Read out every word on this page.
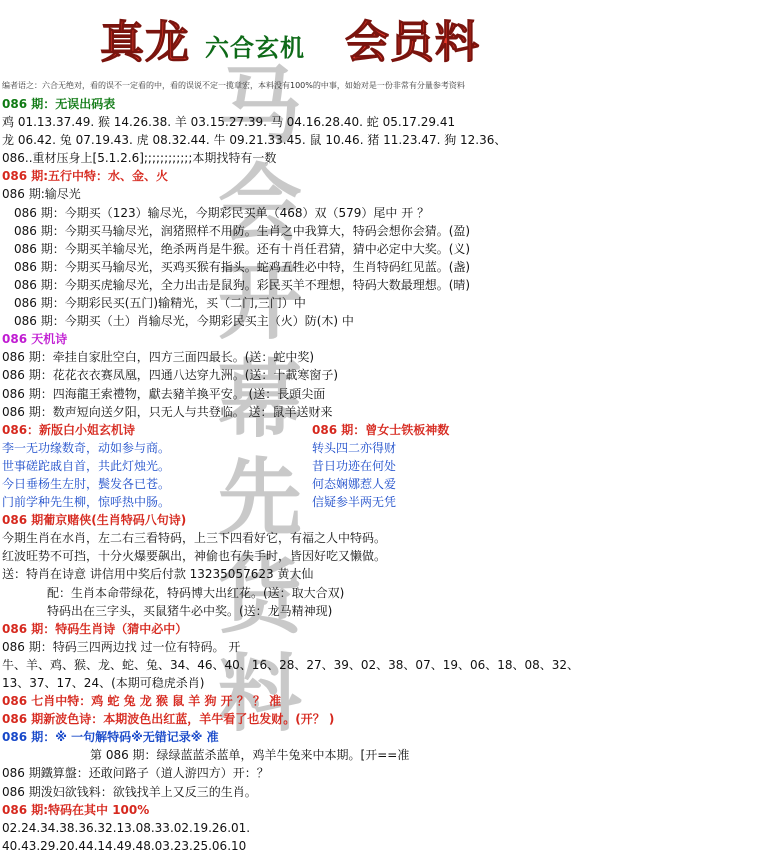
真龙 六合玄机 会员料
马
会
开
幕
先
货
料
编者语之：六合无绝对，看的误不一定看的中，看的误说不定一揽章宏，本料没有100%的中事，如始对是一份非常有分量参考资料
086 期：无误出码表
鸡 01.13.37.49. 猴 14.26.38. 羊 03.15.27.39. 马 04.16.28.40. 蛇 05.17.29.41
龙 06.42. 兔 07.19.43. 虎 08.32.44. 牛 09.21.33.45. 鼠 10.46. 猪 11.23.47. 狗 12.36、
086..重材压身上[5.1.2.6];;;;;;;;;;;;本期找特有一数
086 期:五行中特：水、金、火
086 期:输尽光
086 期：今期买（123）输尽光，今期彩民买单（468）双（579）尾中 开 ？
086 期：今期买马输尽光，润猪照样不用防。生肖之中我算大，特码会想你会猜。(盈)
086 期：今期买羊输尽光，绝杀两肖是牛猴。还有十肖任君猜，猜中必定中大奖。(义)
086 期：今期买马输尽光，买鸡买猴有指头。蛇鸡五牲必中特，生肖特码红见蓝。(盏)
086 期：今期买虎输尽光，全力出击是鼠狗。彩民买羊不理想，特码大数最理想。(晴)
086 期：今期彩民买(五门)输精光，买（二门,三门）中
086 期：今期买（土）肖输尽光，今期彩民买主（火）防(木) 中
086 天机诗
086 期：牵挂自家肚空白，四方三面四最长。(送：蛇中奖)
086 期：花花衣衣赛凤凰，四通八达穿九洲。(送：十載寒窗子)
086 期：四海龍王索禮物，獻去豬羊換平安。 (送：長頭尖面
086 期：数声短向送夕阳，只无人与共登临。 送：鼠羊送财来
086：新版白小姐玄机诗	086 期：曾女士铁板神数
李一无功缘数奇，动如参与商。	转头四二亦得财
世事磋跎戚自首，共此灯烛光。	昔日功迹在何处
今日垂杨生左肘，鬓发各已苍。	何态娴娜惹人爱
门前学种先生柳，惊呼热中肠。	信疑参半两无凭
086 期葡京赌侠(生肖特码八句诗)
今期生肖在水肖，左二右三看特码，上三下四看好它，有福之人中特码。
红波旺势不可挡，十分火爆要飙出，神偷也有失手时，皆因好吃又懒做。
送：特肖在诗意 讲信用中奖后付款 13235057623 黄大仙
配：生肖本命带绿花，特码博大出红花。(送：取大合双)
特码出在三字头，买鼠猪牛必中奖。(送：龙马精神现)
086 期：特码生肖诗（猜中必中）
086 期：特码三四两边找 过一位有特码。 开
牛、羊、鸡、猴、龙、蛇、兔、34、46、40、16、28、27、39、02、38、07、19、06、18、08、32、
13、37、17、24、(本期可稳虎杀肖)
086 七肖中特：鸡 蛇 兔 龙 猴 鼠 羊 狗 开 ？ ？ 准
086 期新波色诗：本期波色出红蓝，羊牛看了也发财。(开？ )
086 期：※ 一句解特码※无错记录※ 准
第 086 期：绿绿蓝蓝杀蓝单，鸡羊牛兔来中本期。[开==准
086 期鐵算盤：还敢问路子（道人游四方）开：？
086 期泼妇欲钱料：欲钱找羊上又反三的生肖。
086 期:特码在其中 100%
02.24.34.38.36.32.13.08.33.02.19.26.01.
40.43.29.20.44.14.49.48.03.23.25.06.10
